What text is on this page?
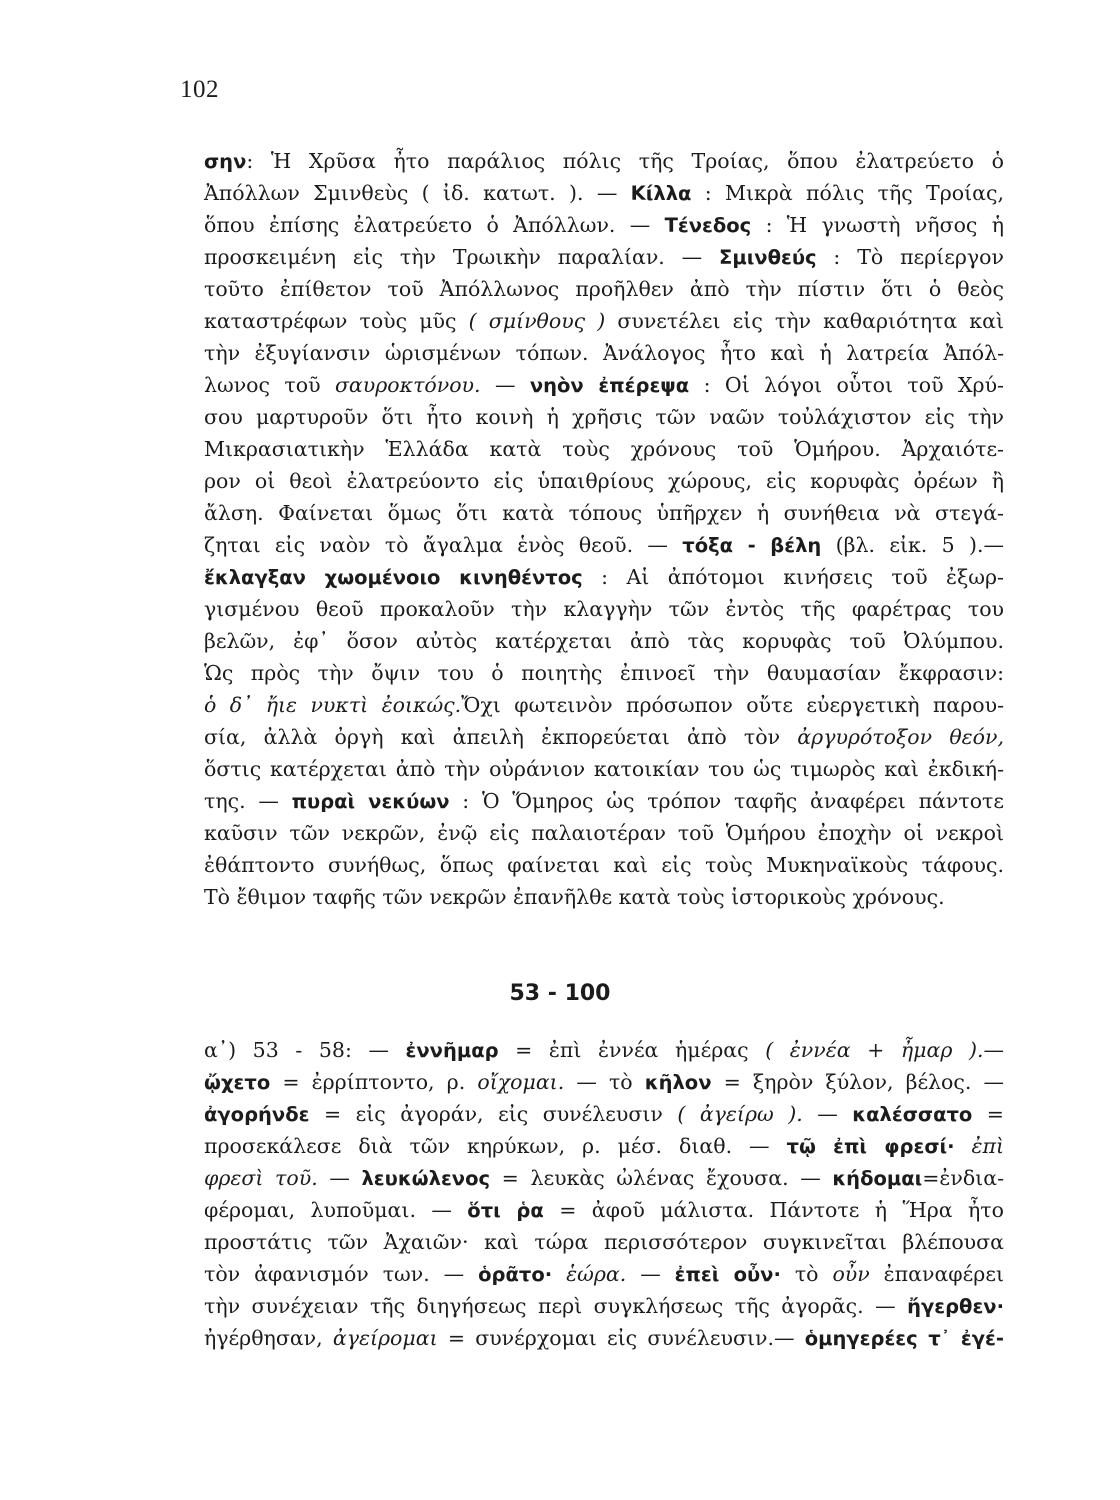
102
σην: Ἡ Χρῦσα ἦτο παράλιος πόλις τῆς Τροίας, ὅπου ἐλατρεύετο ὁ
Ἀπόλλων Σμινθεὺς ( ἰδ. κατωτ. ). — Κίλλα : Μικρὰ πόλις τῆς Τροίας,
ὅπου ἐπίσης ἐλατρεύετο ὁ Ἀπόλλων. — Τένεδος : Ἡ γνωστὴ νῆσος ἡ
προσκειμένη εἰς τὴν Τρωικὴν παραλίαν. — Σμινθεύς : Τὸ περίεργον
τοῦτο ἐπίθετον τοῦ Ἀπόλλωνος προῆλθεν ἀπὸ τὴν πίστιν ὅτι ὁ θεὸς
καταστρέφων τοὺς μῦς ( σμίνθους ) συνετέλει εἰς τὴν καθαριότητα καὶ
τὴν ἐξυγίανσιν ὡρισμένων τόπων. Ἀνάλογος ἦτο καὶ ἡ λατρεία Ἀπόλ-
λωνος τοῦ σαυροκτόνου. — νηὸν ἐπέρεψα : Οἱ λόγοι οὗτοι τοῦ Χρύ-
σου μαρτυροῦν ὅτι ἦτο κοινὴ ἡ χρῆσις τῶν ναῶν τοὐλάχιστον εἰς τὴν
Μικρασιατικὴν Ἑλλάδα κατὰ τοὺς χρόνους τοῦ Ὁμήρου. Ἀρχαιότε-
ρον οἱ θεοὶ ἐλατρεύοντο εἰς ὑπαιθρίους χώρους, εἰς κορυφὰς ὀρέων ἢ
ἄλση. Φαίνεται ὅμως ὅτι κατὰ τόπους ὑπῆρχεν ἡ συνήθεια νὰ στεγά-
ζηται εἰς ναὸν τὸ ἄγαλμα ἑνὸς θεοῦ. — τόξα - βέλη (βλ. εἰκ. 5 ).—
ἔκλαγξαν χωομένοιο κινηθέντος : Αἱ ἀπότομοι κινήσεις τοῦ ἐξωρ-
γισμένου θεοῦ προκαλοῦν τὴν κλαγγὴν τῶν ἐντὸς τῆς φαρέτρας του
βελῶν, ἐφ᾽ ὅσον αὐτὸς κατέρχεται ἀπὸ τὰς κορυφὰς τοῦ Ὀλύμπου.
Ὡς πρὸς τὴν ὄψιν του ὁ ποιητὴς ἐπινοεῖ τὴν θαυμασίαν ἔκφρασιν:
ὁ δ᾽ ἤιε νυκτὶ ἐοικώς.Ὄχι φωτεινὸν πρόσωπον οὔτε εὐεργετικὴ παρου-
σία, ἀλλὰ ὀργὴ καὶ ἀπειλὴ ἐκπορεύεται ἀπὸ τὸν ἀργυρότοξον θεόν,
ὅστις κατέρχεται ἀπὸ τὴν οὐράνιον κατοικίαν του ὡς τιμωρὸς καὶ ἐκδική-
της. — πυραὶ νεκύων : Ὁ Ὅμηρος ὡς τρόπον ταφῆς ἀναφέρει πάντοτε
καῦσιν τῶν νεκρῶν, ἐνῷ εἰς παλαιοτέραν τοῦ Ὁμήρου ἐποχὴν οἱ νεκροὶ
ἐθάπτοντο συνήθως, ὅπως φαίνεται καὶ εἰς τοὺς Μυκηναϊκοὺς τάφους.
Τὸ ἔθιμον ταφῆς τῶν νεκρῶν ἐπανῆλθε κατὰ τοὺς ἱστορικοὺς χρόνους.
53 - 100
α᾽) 53 - 58: — ἐννῆμαρ = ἐπὶ ἐννέα ἡμέρας ( ἐννέα + ἦμαρ ).—
ᾤχετο = ἐρρίπτοντο, ρ. οἴχομαι. — τὸ κῆλον = ξηρὸν ξύλον, βέλος. —
ἀγορήνδε = εἰς ἀγοράν, εἰς συνέλευσιν ( ἀγείρω ). — καλέσσατο =
προσεκάλεσε διὰ τῶν κηρύκων, ρ. μέσ. διαθ. — τῷ ἐπὶ φρεσί· ἐπὶ
φρεσὶ τοῦ. — λευκώλενος = λευκὰς ὠλένας ἔχουσα. — κήδομαι=ἐνδια-
φέρομαι, λυποῦμαι. — ὅτι ῥα = ἀφοῦ μάλιστα. Πάντοτε ἡ Ἥρα ἦτο
προστάτις τῶν Ἀχαιῶν· καὶ τώρα περισσότερον συγκινεῖται βλέπουσα
τὸν ἀφανισμόν των. — ὁρᾶτο· ἑώρα. — ἐπεὶ οὖν· τὸ οὖν ἐπαναφέρει
τὴν συνέχειαν τῆς διηγήσεως περὶ συγκλήσεως τῆς ἀγορᾶς. — ἤγερθεν·
ἠγέρθησαν, ἀγείρομαι = συνέρχομαι εἰς συνέλευσιν.— ὁμηγερέες τ᾽ ἐγέ-
